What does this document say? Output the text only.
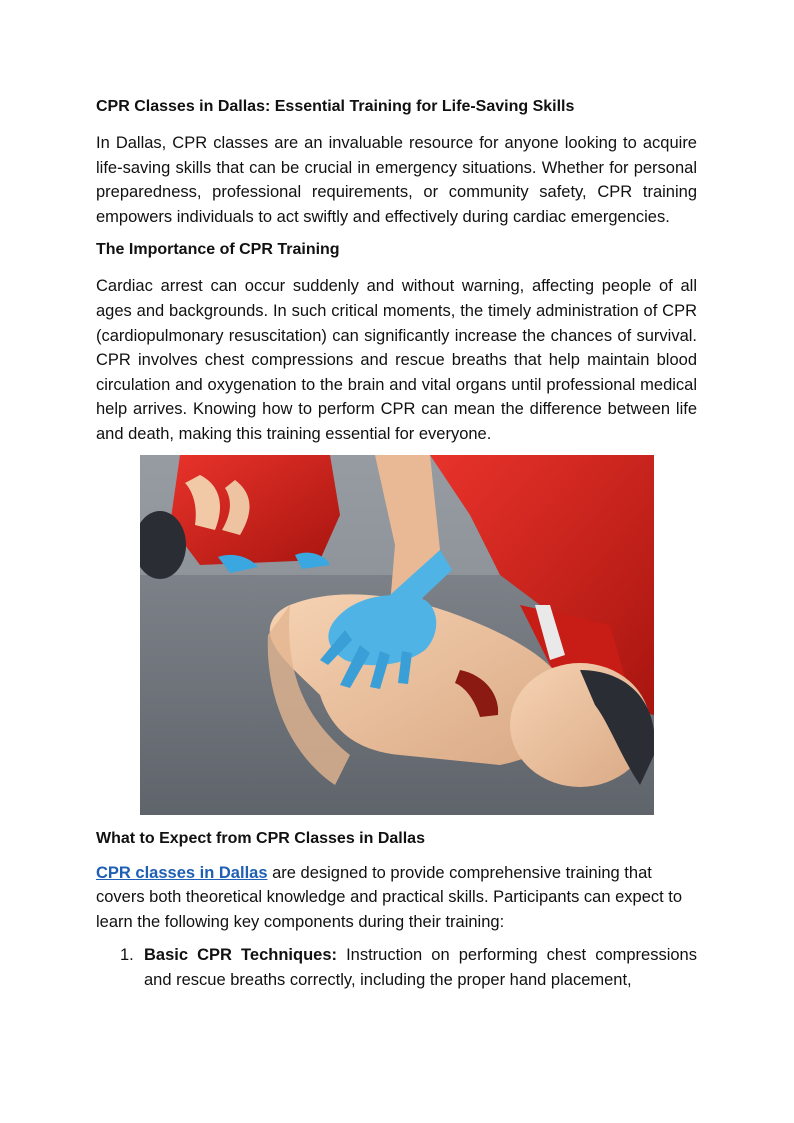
CPR Classes in Dallas: Essential Training for Life-Saving Skills

In Dallas, CPR classes are an invaluable resource for anyone looking to acquire life-saving skills that can be crucial in emergency situations. Whether for personal preparedness, professional requirements, or community safety, CPR training empowers individuals to act swiftly and effectively during cardiac emergencies.

The Importance of CPR Training

Cardiac arrest can occur suddenly and without warning, affecting people of all ages and backgrounds. In such critical moments, the timely administration of CPR (cardiopulmonary resuscitation) can significantly increase the chances of survival. CPR involves chest compressions and rescue breaths that help maintain blood circulation and oxygenation to the brain and vital organs until professional medical help arrives. Knowing how to perform CPR can mean the difference between life and death, making this training essential for everyone.

What to Expect from CPR Classes in Dallas

CPR classes in Dallas are designed to provide comprehensive training that covers both theoretical knowledge and practical skills. Participants can expect to learn the following key components during their training:

1. Basic CPR Techniques: Instruction on performing chest compressions and rescue breaths correctly, including the proper hand placement,
